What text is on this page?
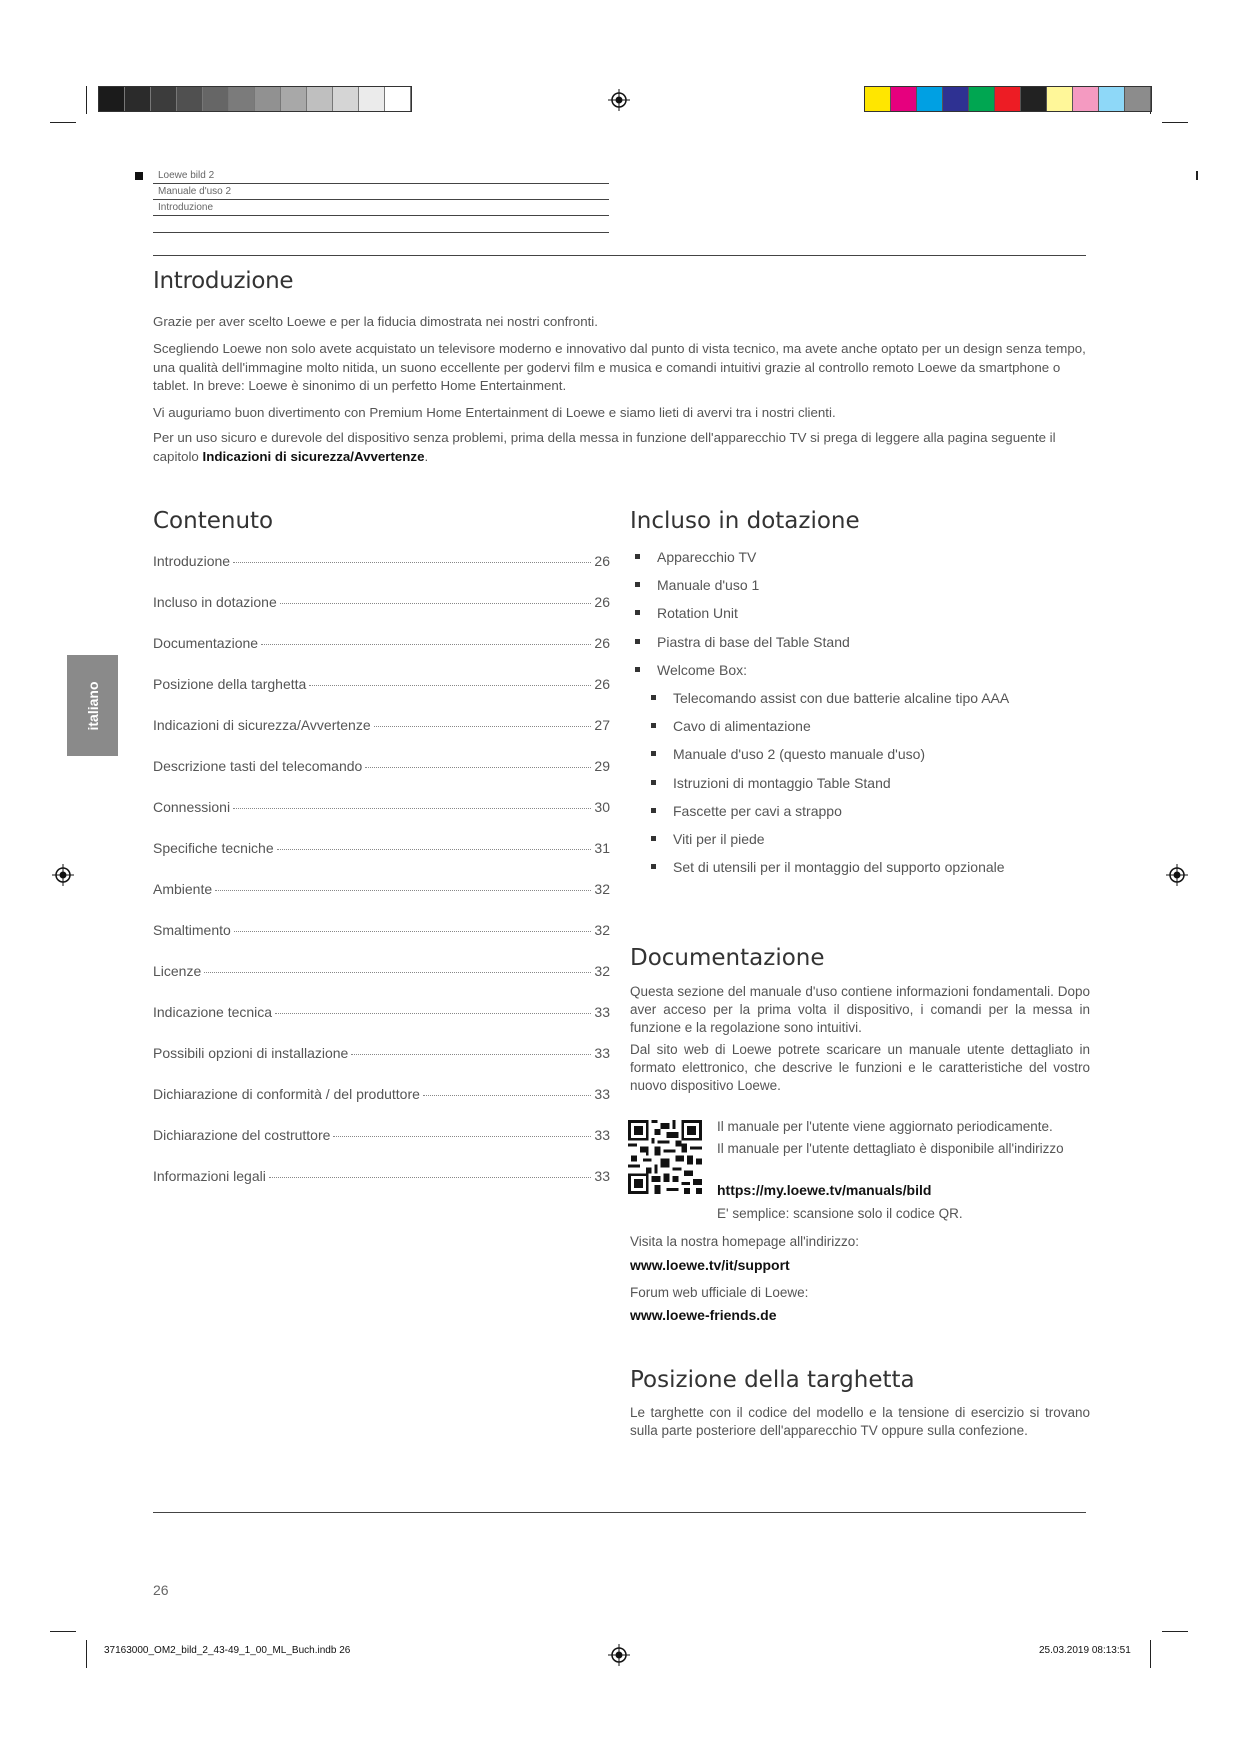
Loewe bild 2
Manuale d'uso 2
Introduzione
Introduzione
Grazie per aver scelto Loewe e per la fiducia dimostrata nei nostri confronti.
Scegliendo Loewe non solo avete acquistato un televisore moderno e innovativo dal punto di vista tecnico, ma avete anche optato per un design senza tempo, una qualità dell'immagine molto nitida, un suono eccellente per godervi film e musica e comandi intuitivi grazie al controllo remoto Loewe da smartphone o tablet. In breve: Loewe è sinonimo di un perfetto Home Entertainment.
Vi auguriamo buon divertimento con Premium Home Entertainment di Loewe e siamo lieti di avervi tra i nostri clienti.
Per un uso sicuro e durevole del dispositivo senza problemi, prima della messa in funzione dell'apparecchio TV si prega di leggere alla pagina seguente il capitolo Indicazioni di sicurezza/Avvertenze.
italiano
Contenuto
Introduzione	26
Incluso in dotazione	26
Documentazione	26
Posizione della targhetta	26
Indicazioni di sicurezza/Avvertenze	27
Descrizione tasti del telecomando	29
Connessioni	30
Specifiche tecniche	31
Ambiente	32
Smaltimento	32
Licenze	32
Indicazione tecnica	33
Possibili opzioni di installazione	33
Dichiarazione di conformità / del produttore	33
Dichiarazione del costruttore	33
Informazioni legali	33
Incluso in dotazione
Apparecchio TV
Manuale d'uso 1
Rotation Unit
Piastra di base del Table Stand
Welcome Box:
Telecomando assist con due batterie alcaline tipo AAA
Cavo di alimentazione
Manuale d'uso 2 (questo manuale d'uso)
Istruzioni di montaggio Table Stand
Fascette per cavi a strappo
Viti per il piede
Set di utensili per il montaggio del supporto opzionale
Documentazione
Questa sezione del manuale d'uso contiene informazioni fondamentali. Dopo aver acceso per la prima volta il dispositivo, i comandi per la messa in funzione e la regolazione sono intuitivi.
Dal sito web di Loewe potrete scaricare un manuale utente dettagliato in formato elettronico, che descrive le funzioni e le caratteristiche del vostro nuovo dispositivo Loewe.
Il manuale per l'utente viene aggiornato periodicamente.
Il manuale per l'utente dettagliato è disponibile all'indirizzo
https://my.loewe.tv/manuals/bild
E' semplice: scansione solo il codice QR.
Visita la nostra homepage all'indirizzo:
www.loewe.tv/it/support
Forum web ufficiale di Loewe:
www.loewe-friends.de
Posizione della targhetta
Le targhette con il codice del modello e la tensione di esercizio si trovano sulla parte posteriore dell'apparecchio TV oppure sulla confezione.
26
37163000_OM2_bild_2_43-49_1_00_ML_Buch.indb 26	25.03.2019 08:13:51
